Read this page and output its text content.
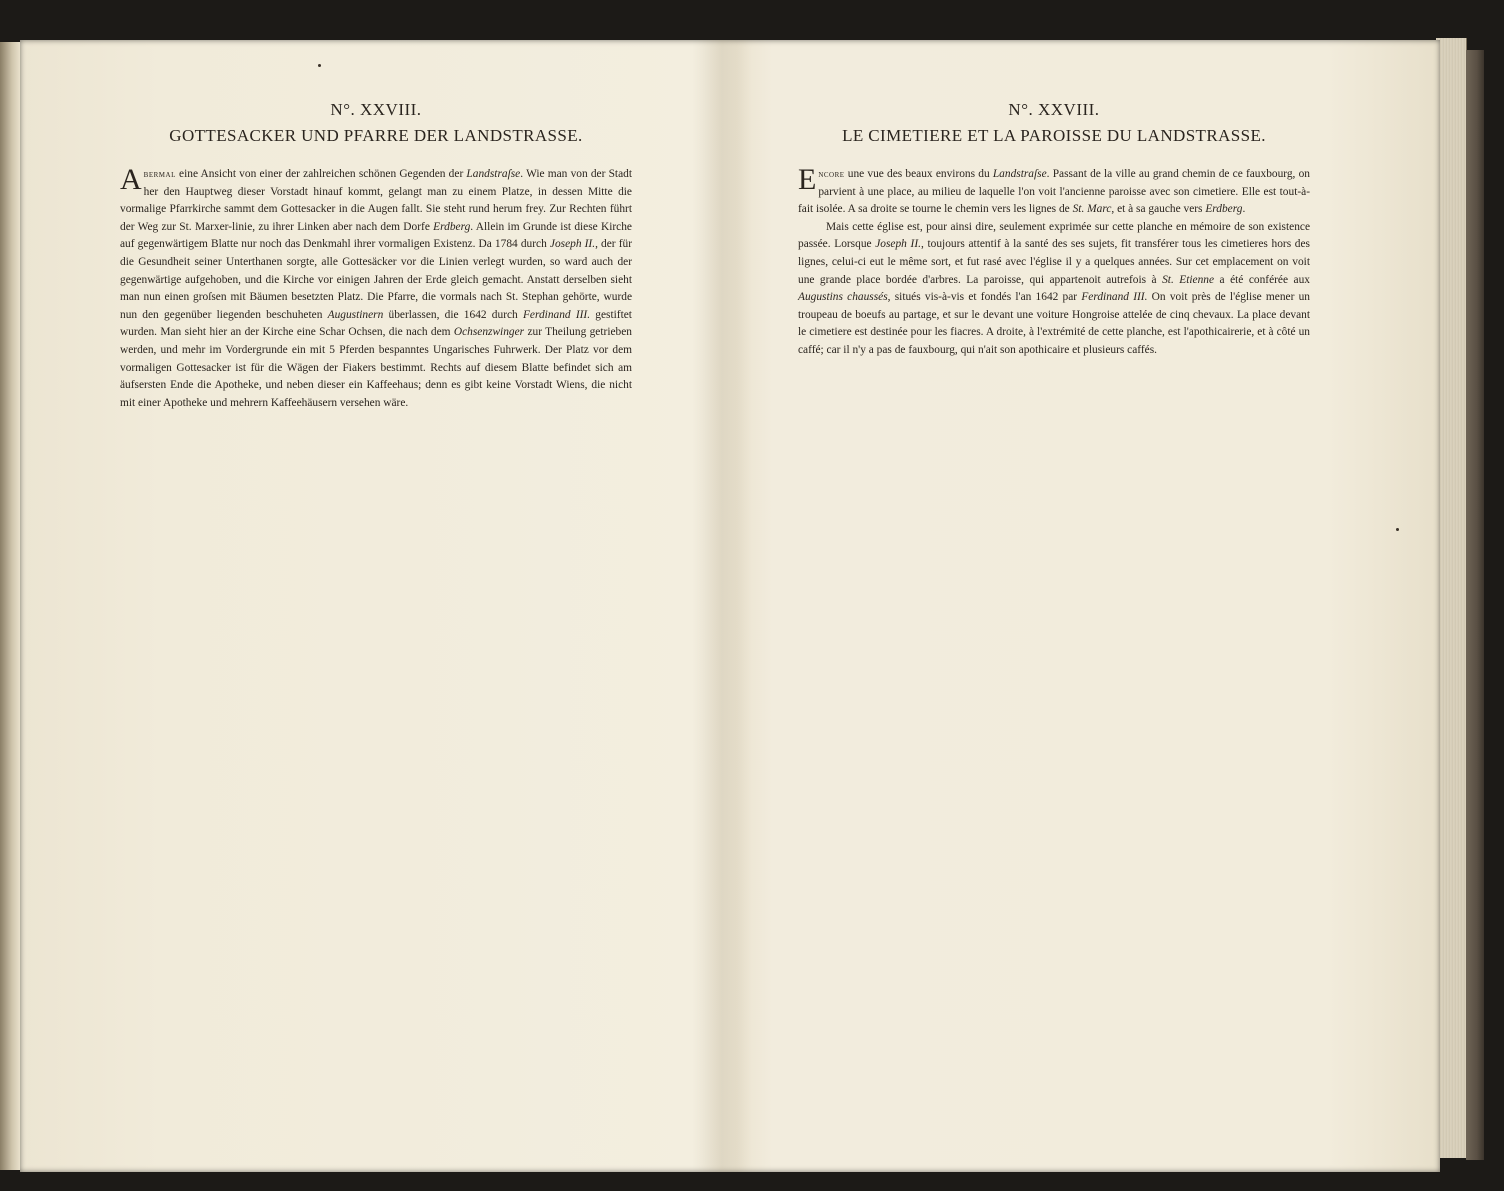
N°. XXVIII.
GOTTESACKER UND PFARRE DER LANDSTRASSE.

Abermal eine Ansicht von einer der zahlreichen schönen Gegenden der Landstraſse. Wie man von der Stadt her den Hauptweg dieser Vorstadt hinauf kommt, gelangt man zu einem Platze, in dessen Mitte die vormalige Pfarrkirche sammt dem Gottesacker in die Augen fallt. Sie steht rund herum frey. Zur Rechten führt der Weg zur St. Marxer-linie, zu ihrer Linken aber nach dem Dorfe Erdberg. Allein im Grunde ist diese Kirche auf gegenwärtigem Blatte nur noch das Denkmahl ihrer vormaligen Existenz. Da 1784 durch Joseph II., der für die Gesundheit seiner Unterthanen sorgte, alle Gottesäcker vor die Linien verlegt wurden, so ward auch der gegenwärtige aufgehoben, und die Kirche vor einigen Jahren der Erde gleich gemacht. Anstatt derselben sieht man nun einen groſsen mit Bäumen besetzten Platz. Die Pfarre, die vormals nach St. Stephan gehörte, wurde nun den gegenüber liegenden beschuheten Augustinern überlassen, die 1642 durch Ferdinand III. gestiftet wurden. Man sieht hier an der Kirche eine Schar Ochsen, die nach dem Ochsenzwinger zur Theilung getrieben werden, und mehr im Vordergrunde ein mit 5 Pferden bespanntes Ungarisches Fuhrwerk. Der Platz vor dem vormaligen Gottesacker ist für die Wägen der Fiakers bestimmt. Rechts auf diesem Blatte befindet sich am äufsersten Ende die Apotheke, und neben dieser ein Kaffeehaus; denn es gibt keine Vorstadt Wiens, die nicht mit einer Apotheke und mehrern Kaffeehäusern versehen wäre.

N°. XXVIII.
LE CIMETIERE ET LA PAROISSE DU LANDSTRASSE.

Encore une vue des beaux environs du Landstraſse. Passant de la ville au grand chemin de ce fauxbourg, on parvient à une place, au milieu de laquelle l'on voit l'ancienne paroisse avec son cimetiere. Elle est tout-à-fait isolée. A sa droite se tourne le chemin vers les lignes de St. Marc, et à sa gauche vers Erdberg.

Mais cette église est, pour ainsi dire, seulement exprimée sur cette planche en mémoire de son existence passée. Lorsque Joseph II., toujours attentif à la santé des ses sujets, fit transférer tous les cimetieres hors des lignes, celui-ci eut le même sort, et fut rasé avec l'église il y a quelques années. Sur cet emplacement on voit une grande place bordée d'arbres. La paroisse, qui appartenoit autrefois à St. Etienne a été conférée aux Augustins chaussés, situés vis-à-vis et fondés l'an 1642 par Ferdinand III. On voit près de l'église mener un troupeau de boeufs au partage, et sur le devant une voiture Hongroise attelée de cinq chevaux. La place devant le cimetiere est destinée pour les fiacres. A droite, à l'extrémité de cette planche, est l'apothicairerie, et à côté un caffé; car il n'y a pas de fauxbourg, qui n'ait son apothicaire et plusieurs caffés.
